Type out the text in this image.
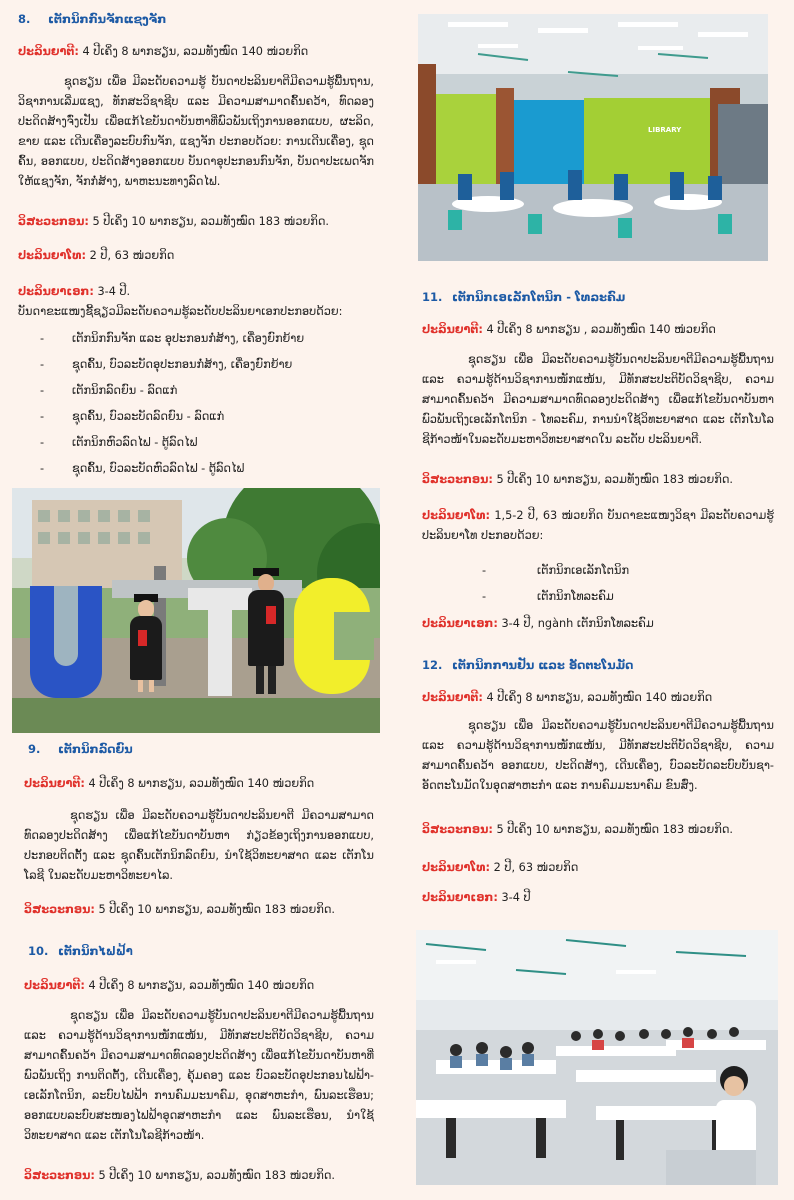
8. ເຕັກນິກກົນຈັກແຊງຈັກ

ປະລິນຍາຕີ: 4 ປີເຄິ່ງ 8 ພາກຮຽນ, ລວມທັງໝົດ 140 ໜ່ວຍກິດ

ຊຸດຮຽນ ເພື່ອ ມີລະດັບຄວາມຮູ້ ບັນດາປະລິນຍາຕີມີຄວາມຮູ້ພື້ນຖານ, ວິຊາການເລີ່ມແຊງ, ທັກສະວິຊາຊີບ ແລະ ມີຄວາມສາມາດຄົ້ນຄວ້າ, ທົດລອງປະດິດສ້າງຈົ່ງເປັນ ເພື່ອແກ້ໄຂບັນດາບັນຫາທີ່ພົວພັນເຖິງການອອກແບບ, ຜະລິດ, ຂາຍ ແລະ ເດີນເຄື່ອງລະບົບກົນຈັກ, ແຊງຈັກ ປະກອບດ້ວຍ: ການເດີນເຄື່ອງ, ຊຸດຄົ້ນ, ອອກແບບ, ປະດິດສ້າງອອກແບບ ບັນດາອຸປະກອນກົນຈັກ, ບັນດາປະເພດຈັກໃຫ້ແຊງຈັກ, ຈັກກໍ່ສ້າງ, ພາຫະນະທາງລົດໄຟ.

ວິສະວະກອນ: 5 ປີເຄິ່ງ 10 ພາກຮຽນ, ລວມທັງໝົດ 183 ໜ່ວຍກິດ.

ປະລິນຍາໂທ: 2 ປີ, 63 ໜ່ວຍກິດ

ປະລິນຍາເອກ: 3-4 ປີ.

ບັນດາຂະແໜງຊີ້ຊຽວມີລະດັບຄວາມຮູ້ລະດັບປະລິນຍາເອກປະກອບດ້ວຍ:

- ເຕັກນິກກົນຈັກ ແລະ ອຸປະກອນກໍ່ສ້າງ, ເຄື່ອງຍົກຍ້າຍ
- ຊຸດຄົ້ນ, ບົວລະບັດອຸປະກອນກໍ່ສ້າງ, ເຄື່ອງຍົກຍ້າຍ
- ເຕັກນິກລົດຍົນ - ລົດແກ່
- ຊຸດຄົ້ນ, ບົວລະບັດລົດຍົນ - ລົດແກ່
- ເຕັກນິກຫົວລົດໄຟ - ຕູ້ລົດໄຟ
- ຊຸດຄົ້ນ, ບົວລະບັດຫົວລົດໄຟ - ຕູ້ລົດໄຟ
U	T
9. ເຕັກນິກລົດຍົນ

ປະລິນຍາຕີ: 4 ປີເຄິ່ງ 8 ພາກຮຽນ, ລວມທັງໝົດ 140 ໜ່ວຍກິດ

ຊຸດຮຽນ ເພື່ອ ມີລະດັບຄວາມຮູ້ບັນດາປະລິນຍາຕີ ມີຄວາມສາມາດທົດລອງປະດິດສ້າງ ເພື່ອແກ້ໄຂບັນດາບັນຫາ ກ່ຽວຂ້ອງເຖິງການອອກແບບ, ປະກອບຕິດຕັ້ງ ແລະ ຊຸດຄົ້ນເຕັກນິກລົດຍົນ, ນຳໃຊ້ວິທະຍາສາດ ແລະ ເຕັກໂນໂລຊີ ໃນລະດັບມະຫາວິທະຍາໄລ.

ວິສະວະກອນ: 5 ປີເຄິ່ງ 10 ພາກຮຽນ, ລວມທັງໝົດ 183 ໜ່ວຍກິດ.

10. ເຕັກນິກໄຟຟ້າ

ປະລິນຍາຕີ: 4 ປີເຄິ່ງ 8 ພາກຮຽນ, ລວມທັງໝົດ 140 ໜ່ວຍກິດ

ຊຸດຮຽນ ເພື່ອ ມີລະດັບຄວາມຮູ້ບັນດາປະລິນຍາຕີມີຄວາມຮູ້ພື້ນຖານ ແລະ ຄວາມຮູ້ດ້ານວິຊາການໜັກແໜ້ນ, ມີທັກສະປະຕິບັດວິຊາຊີບ, ຄວາມສາມາດຄົ້ນຄວ້າ ມີຄວາມສາມາດທົດລອງປະດິດສ້າງ ເພື່ອແກ້ໄຂບັນດາບັນຫາທີ່ພົວພັນເຖິງ ການຕິດຕັ້ງ, ເດີນເຄື່ອງ, ຄຸ້ມຄອງ ແລະ ບົວລະບັດອຸປະກອນໄຟຟ້າ-ເອເລັກໂຕນິກ, ລະບົບໄຟຟ້າ ການຄົມມະນາຄົມ, ອຸດສາຫະກຳ, ພົນລະເຮືອນ; ອອກແບບລະບົບສະໜອງໄຟຟ້າອຸດສາຫະກຳ ແລະ ພົນລະເຮືອນ, ນຳໃຊ້ວິທະຍາສາດ ແລະ ເຕັກໂນໂລຊີກ້າວໜ້າ.

ວິສະວະກອນ: 5 ປີເຄິ່ງ 10 ພາກຮຽນ, ລວມທັງໝົດ 183 ໜ່ວຍກິດ.

LIBRARY
11. ເຕັກນິກເອເລັກໂຕນິກ - ໂທລະຄົມ

ປະລິນຍາຕີ: 4 ປີເຄິ່ງ 8 ພາກຮຽນ , ລວມທັງໝົດ 140 ໜ່ວຍກິດ

ຊຸດຮຽນ ເພື່ອ ມີລະດັບຄວາມຮູ້ບັນດາປະລິນຍາຕີມີຄວາມຮູ້ພື້ນຖານ ແລະ ຄວາມຮູ້ດ້ານວິຊາການໜັກແໜ້ນ, ມີທັກສະປະຕິບັດວິຊາຊີບ, ຄວາມສາມາດຄົ້ນຄວ້າ ມີຄວາມສາມາດທົດລອງປະດິດສ້າງ ເພື່ອແກ້ໄຂບັນດາບັນຫາພົວພັນເຖິງເອເລັກໂຕນິກ - ໂທລະຄົມ, ການນຳໃຊ້ວິທະຍາສາດ ແລະ ເຕັກໂນໂລຊີກ້າວໜ້າໃນລະດັບມະຫາວິທະຍາສາດໃນ ລະດັບ ປະລິນຍາຕີ.

ວິສະວະກອນ: 5 ປີເຄິ່ງ 10 ພາກຮຽນ, ລວມທັງໝົດ 183 ໜ່ວຍກິດ.

ປະລິນຍາໂທ: 1,5-2 ປີ, 63 ໜ່ວຍກິດ ບັນດາຂະແໜງວິຊາ ມີລະດັບຄວາມຮູ້ປະລິນຍາໂທ ປະກອບດ້ວຍ:

- ເຕັກນິກເອເລັກໂຕນິກ
- ເຕັກນິກໂທລະຄົມ

ປະລິນຍາເອກ: 3-4 ປີ, ngành ເຕັກນິກໂທລະຄົມ

12. ເຕັກນິກການຢັນ ແລະ ອັດຕະໂນມັດ

ປະລິນຍາຕີ: 4 ປີເຄິ່ງ 8 ພາກຮຽນ, ລວມທັງໝົດ 140 ໜ່ວຍກິດ

ຊຸດຮຽນ ເພື່ອ ມີລະດັບຄວາມຮູ້ບັນດາປະລິນຍາຕີມີຄວາມຮູ້ພື້ນຖານ ແລະ ຄວາມຮູ້ດ້ານວິຊາການໜັກແໜ້ນ, ມີທັກສະປະຕິບັດວິຊາຊີບ, ຄວາມສາມາດຄົ້ນຄວ້າ ອອກແບບ, ປະດິດສ້າງ, ເດີນເຄື່ອງ, ບົວລະບັດລະບົບບັນຊາ-ອັດຕະໂນມັດໃນອຸດສາຫະກຳ ແລະ ການຄົມມະນາຄົມ ຂົນສົ່ງ.

ວິສະວະກອນ: 5 ປີເຄິ່ງ 10 ພາກຮຽນ, ລວມທັງໝົດ 183 ໜ່ວຍກິດ.

ປະລິນຍາໂທ: 2 ປີ, 63 ໜ່ວຍກິດ

ປະລິນຍາເອກ: 3-4 ປີ
